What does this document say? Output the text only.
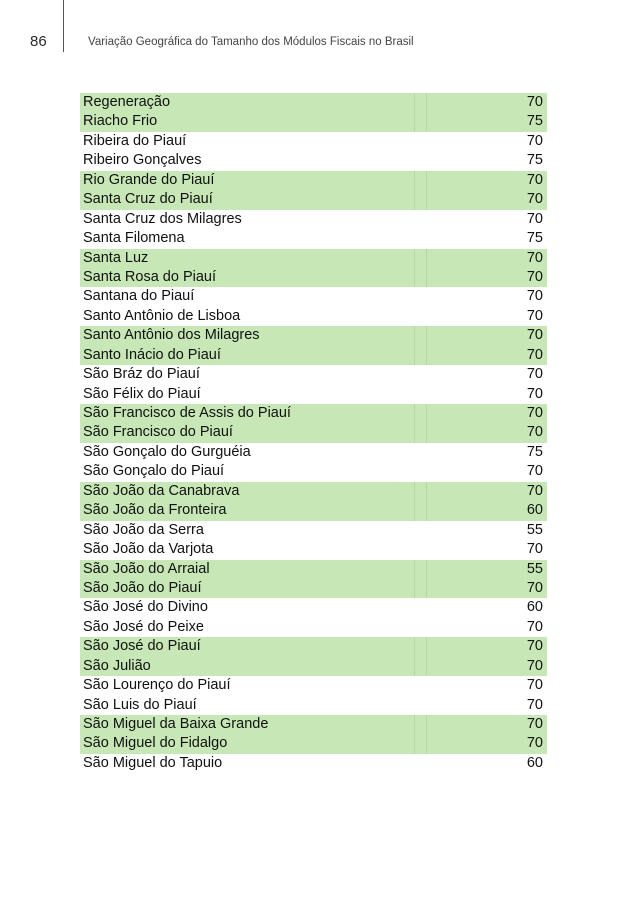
86	Variação Geográfica do Tamanho dos Módulos Fiscais no Brasil
Regeneração	70
Riacho Frio	75
Ribeira do Piauí	70
Ribeiro Gonçalves	75
Rio Grande do Piauí	70
Santa Cruz do Piauí	70
Santa Cruz dos Milagres	70
Santa Filomena	75
Santa Luz	70
Santa Rosa do Piauí	70
Santana do Piauí	70
Santo Antônio de Lisboa	70
Santo Antônio dos Milagres	70
Santo Inácio do Piauí	70
São Bráz do Piauí	70
São Félix do Piauí	70
São Francisco de Assis do Piauí	70
São Francisco do Piauí	70
São Gonçalo do Gurguéia	75
São Gonçalo do Piauí	70
São João da Canabrava	70
São João da Fronteira	60
São João da Serra	55
São João da Varjota	70
São João do Arraial	55
São João do Piauí	70
São José do Divino	60
São José do Peixe	70
São José do Piauí	70
São Julião	70
São Lourenço do Piauí	70
São Luis do Piauí	70
São Miguel da Baixa Grande	70
São Miguel do Fidalgo	70
São Miguel do Tapuio	60
